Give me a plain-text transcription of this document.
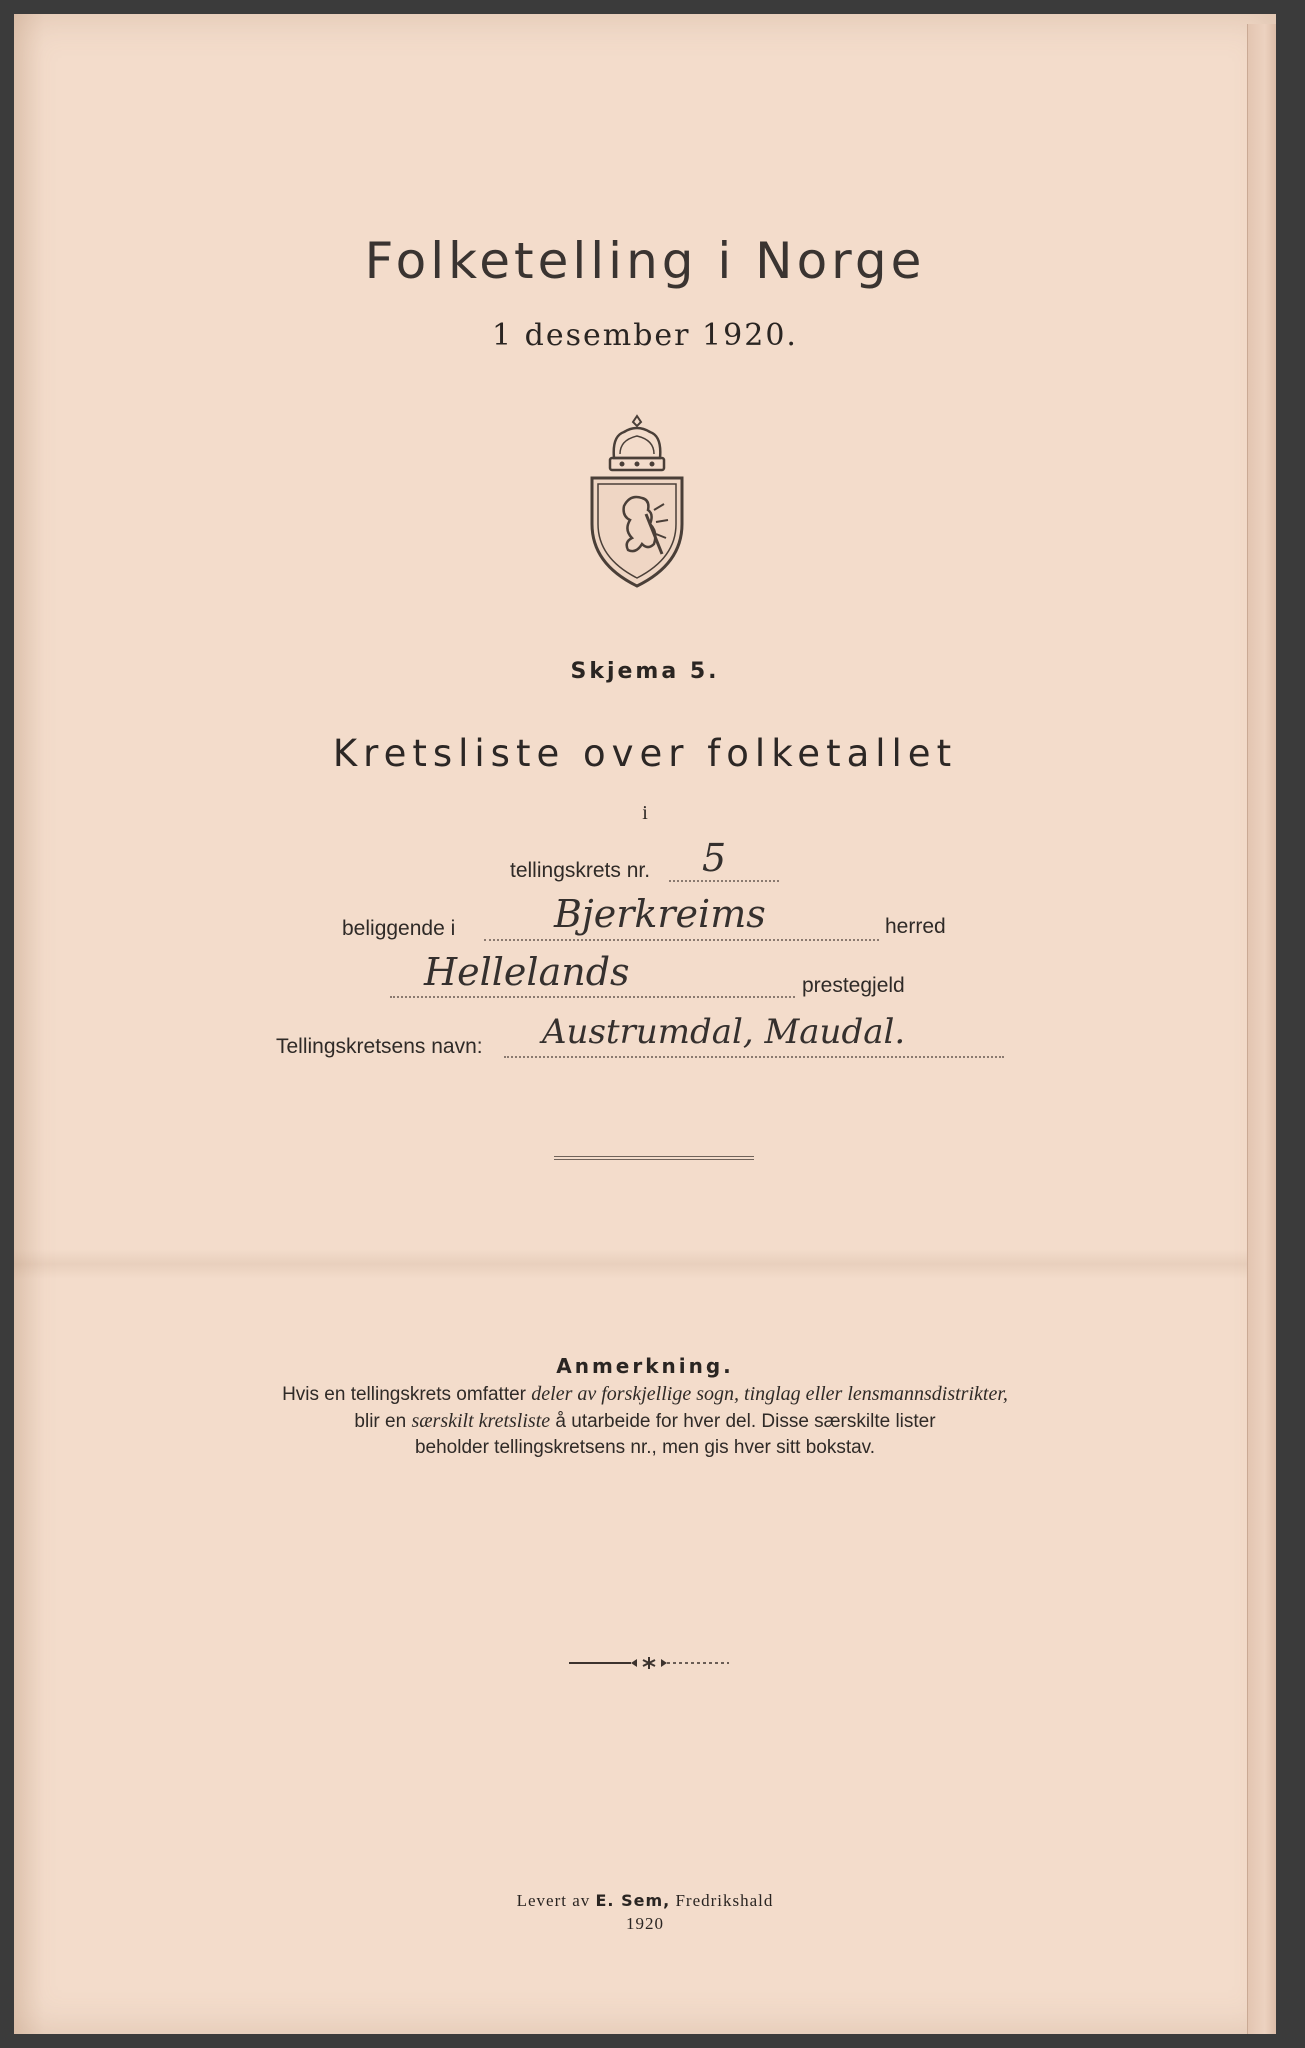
Folketelling i Norge
1 desember 1920.
Skjema 5.
Kretsliste over folketallet
i
tellingskrets nr. 5
beliggende i	Bjerkreims	herred
Hellelands	prestegjeld
Tellingskretsens navn: Austrumdal, Maudal.
Anmerkning.
Hvis en tellingskrets omfatter deler av forskjellige sogn, tinglag eller lensmannsdistrikter,
blir en særskilt kretsliste å utarbeide for hver del. Disse særskilte lister
beholder tellingskretsens nr., men gis hver sitt bokstav.
Levert av E. Sem, Fredrikshald
1920
